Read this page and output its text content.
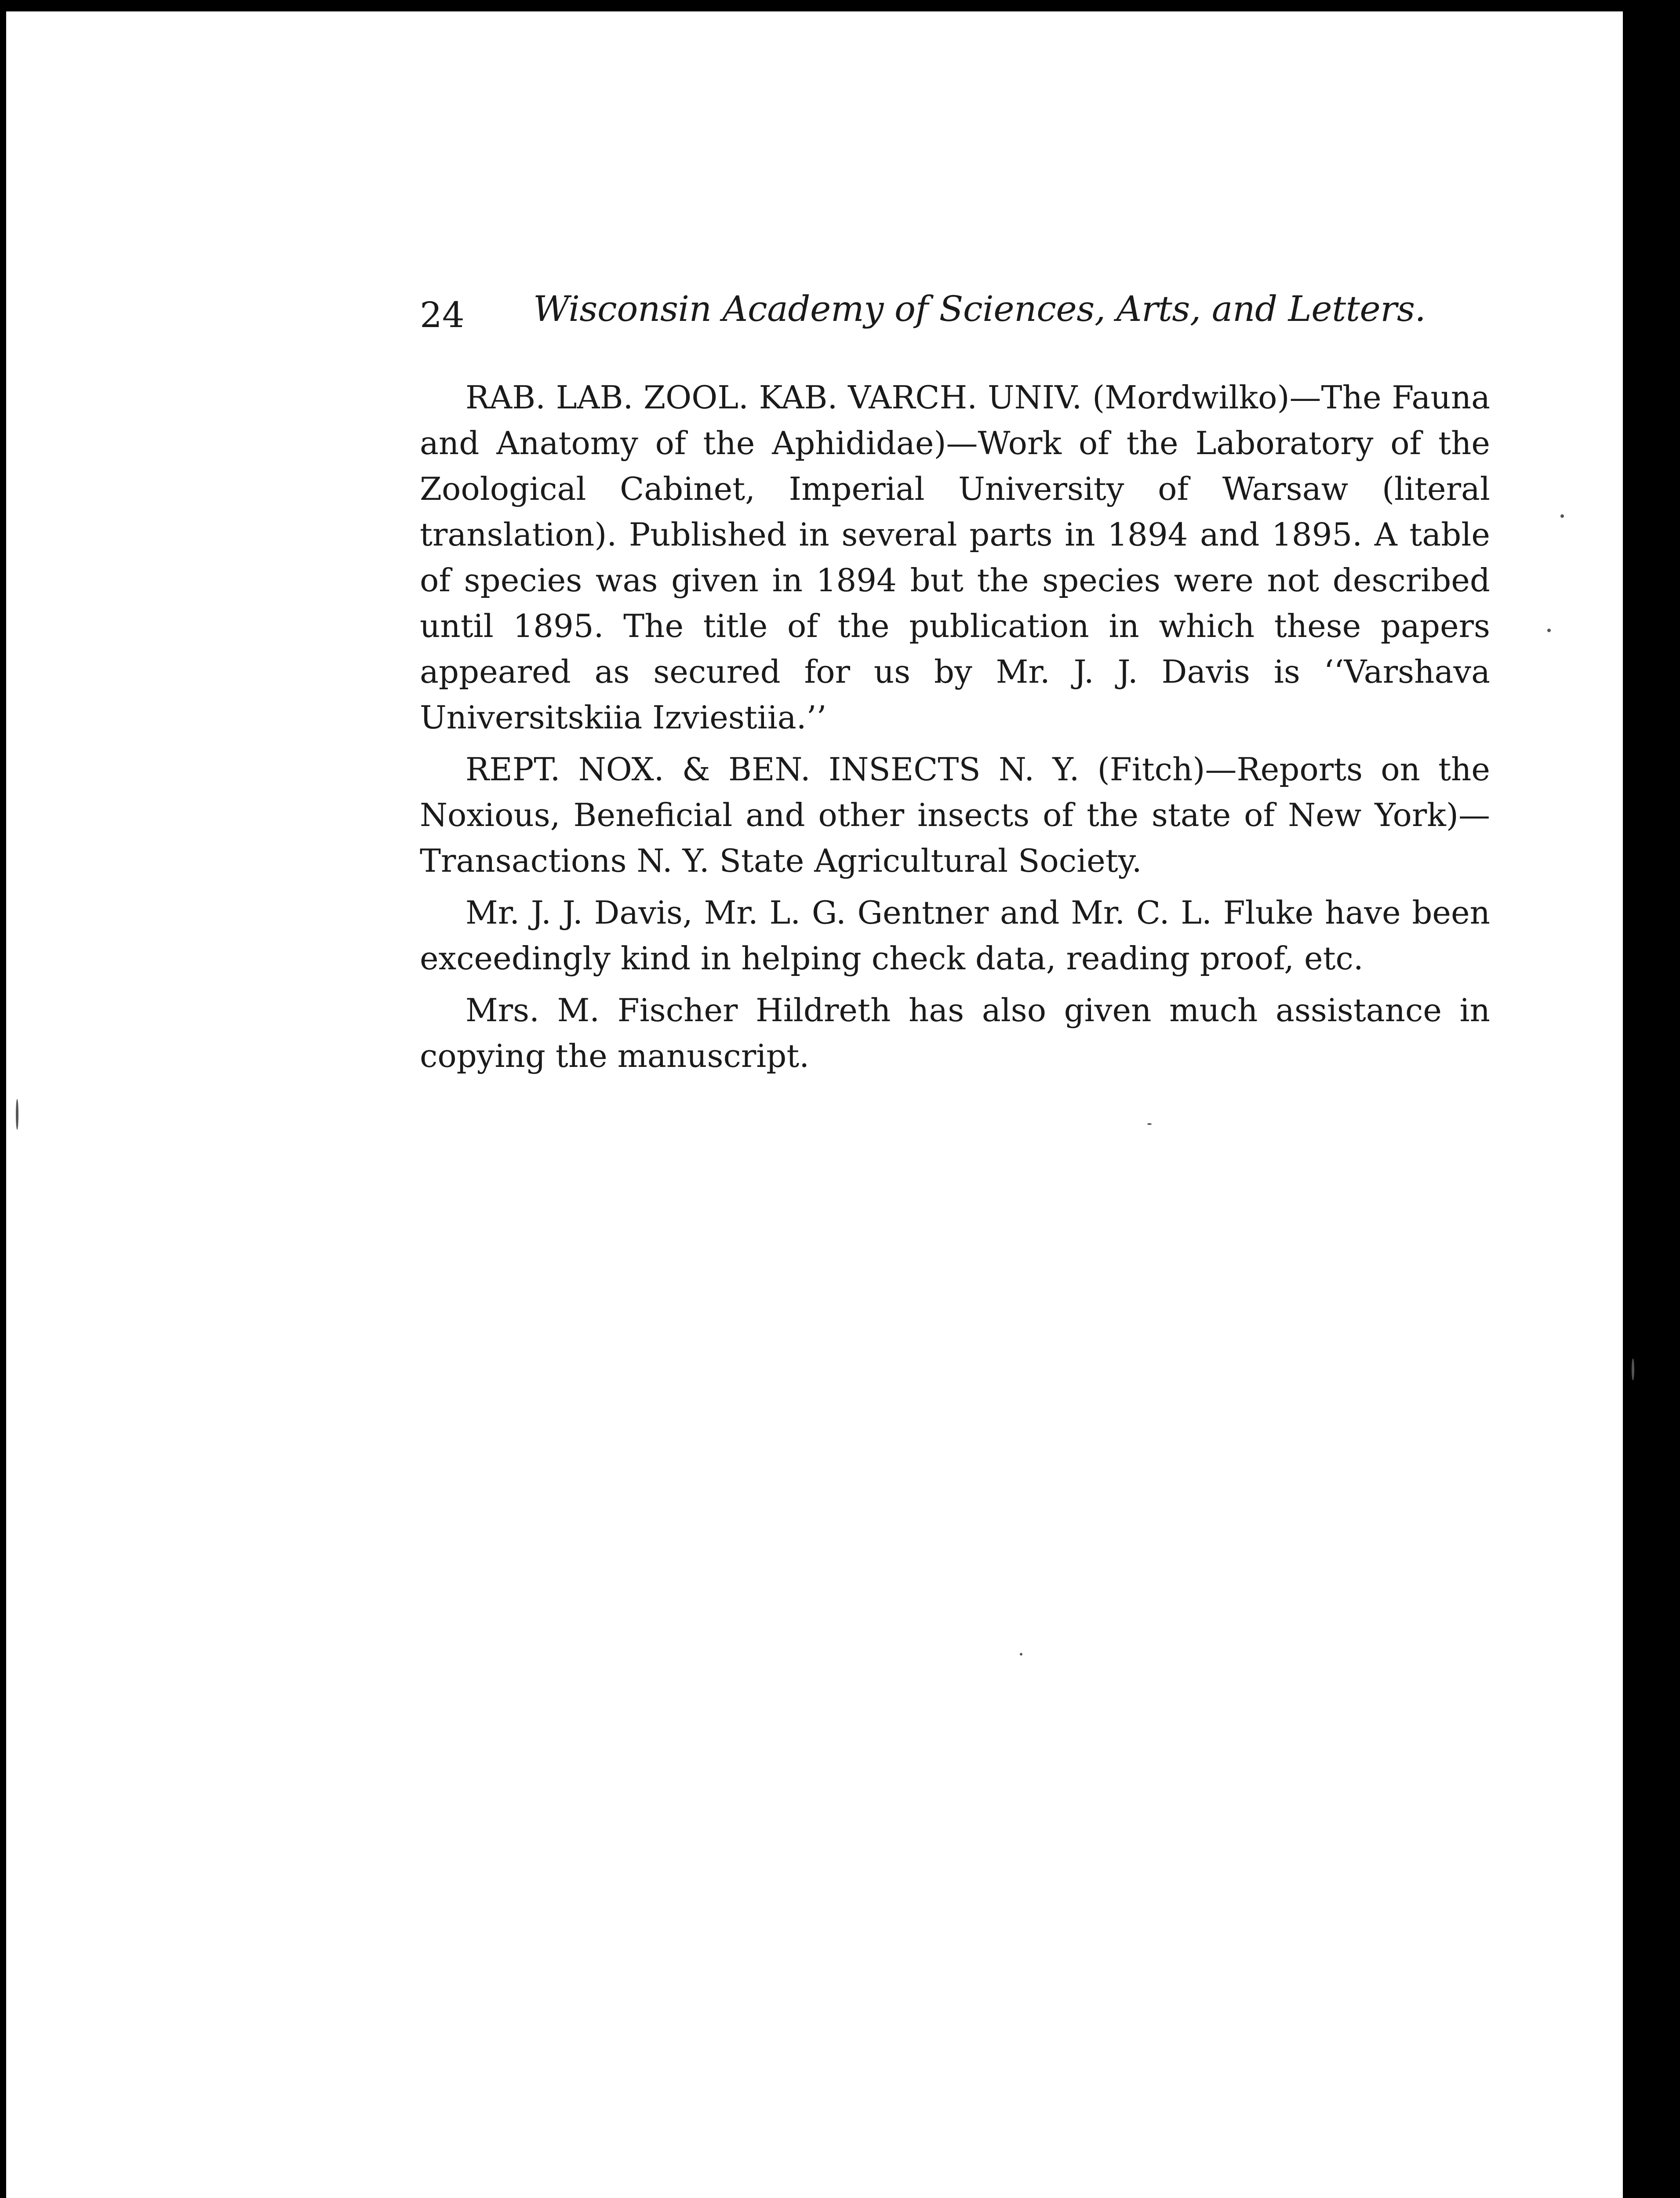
24 Wisconsin Academy of Sciences, Arts, and Letters.

RAB. LAB. ZOOL. KAB. VARCH. UNIV. (Mordwilko)—The Fauna and Anatomy of the Aphididae)—Work of the Laboratory of the Zoological Cabinet, Imperial University of Warsaw (literal translation). Published in several parts in 1894 and 1895. A table of species was given in 1894 but the species were not described until 1895. The title of the publication in which these papers appeared as secured for us by Mr. J. J. Davis is ‘‘Varshava Universitskiia Izviestiia.’’

REPT. NOX. & BEN. INSECTS N. Y. (Fitch)—Reports on the Noxious, Beneficial and other insects of the state of New York)—Transactions N. Y. State Agricultural Society.

Mr. J. J. Davis, Mr. L. G. Gentner and Mr. C. L. Fluke have been exceedingly kind in helping check data, reading proof, etc.

Mrs. M. Fischer Hildreth has also given much assistance in copying the manuscript.
